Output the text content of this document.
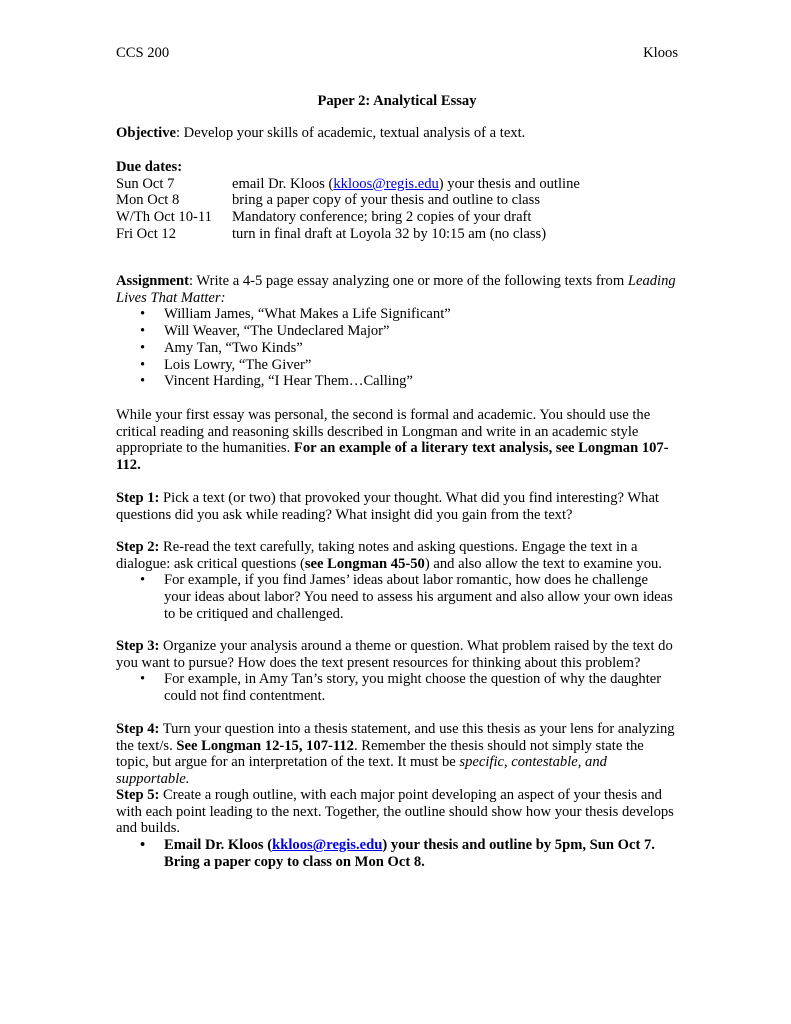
CCS 200	Kloos
Paper 2: Analytical Essay
Objective: Develop your skills of academic, textual analysis of a text.
Due dates:
Sun Oct 7	email Dr. Kloos (kkloos@regis.edu) your thesis and outline
Mon Oct 8	bring a paper copy of your thesis and outline to class
W/Th Oct 10-11	Mandatory conference; bring 2 copies of your draft
Fri Oct 12	turn in final draft at Loyola 32 by 10:15 am (no class)
Assignment: Write a 4-5 page essay analyzing one or more of the following texts from Leading Lives That Matter:
• William James, “What Makes a Life Significant”
• Will Weaver, “The Undeclared Major”
• Amy Tan, “Two Kinds”
• Lois Lowry, “The Giver”
• Vincent Harding, “I Hear Them…Calling”
While your first essay was personal, the second is formal and academic. You should use the critical reading and reasoning skills described in Longman and write in an academic style appropriate to the humanities. For an example of a literary text analysis, see Longman 107-112.
Step 1: Pick a text (or two) that provoked your thought. What did you find interesting? What questions did you ask while reading? What insight did you gain from the text?
Step 2: Re-read the text carefully, taking notes and asking questions. Engage the text in a dialogue: ask critical questions (see Longman 45-50) and also allow the text to examine you.
• For example, if you find James’ ideas about labor romantic, how does he challenge your ideas about labor? You need to assess his argument and also allow your own ideas to be critiqued and challenged.
Step 3: Organize your analysis around a theme or question. What problem raised by the text do you want to pursue? How does the text present resources for thinking about this problem?
• For example, in Amy Tan’s story, you might choose the question of why the daughter could not find contentment.
Step 4: Turn your question into a thesis statement, and use this thesis as your lens for analyzing the text/s. See Longman 12-15, 107-112. Remember the thesis should not simply state the topic, but argue for an interpretation of the text. It must be specific, contestable, and supportable.
Step 5: Create a rough outline, with each major point developing an aspect of your thesis and with each point leading to the next. Together, the outline should show how your thesis develops and builds.
• Email Dr. Kloos (kkloos@regis.edu) your thesis and outline by 5pm, Sun Oct 7. Bring a paper copy to class on Mon Oct 8.
